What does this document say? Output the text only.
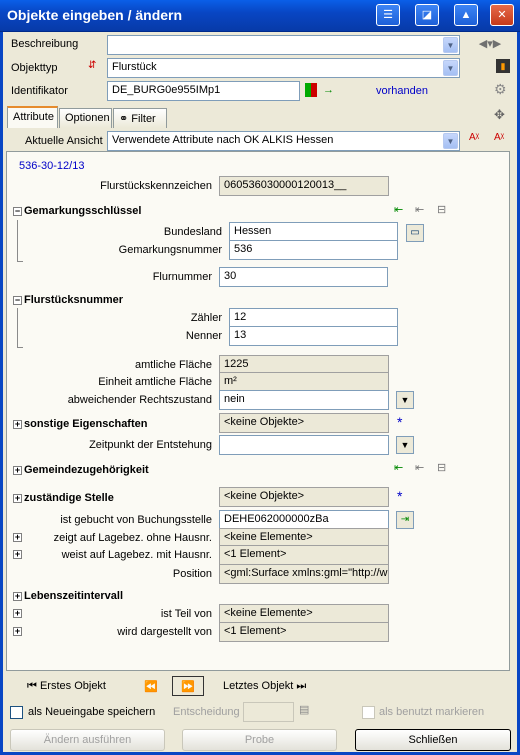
Objekte eingeben / ändern	☰	◪	▲	✕
Beschreibung	▼	◀▾▶
Objekttyp	⇵	Flurstück	▼	▮
Identifikator	DE_BURG0e955IMp1	→	vorhanden	⚙
Attribute	Optionen ⚭ Filter	✥
Aktuelle Ansicht Verwendete Attribute nach OK ALKIS Hessen	▼	Aᵡ Aᵡ
536-30-12/13
Flurstückskennzeichen	060536030000120013__
− Gemarkungsschlüssel	⇤ ⇤ ⊟
Bundesland	Hessen	▭
Gemarkungsnummer	536
Flurnummer	30
− Flurstücksnummer
Zähler	12
Nenner	13
amtliche Fläche	1225
Einheit amtliche Fläche	m²
abweichender Rechtszustand	nein	▼
+ sonstige Eigenschaften	<keine Objekte>	*
Zeitpunkt der Entstehung	▼
+ Gemeindezugehörigkeit	⇤ ⇤ ⊟
+ zuständige Stelle	<keine Objekte>	*
ist gebucht von Buchungsstelle	DEHE062000000zBa	⇥
+	zeigt auf Lagebez. ohne Hausnr.	<keine Elemente>
+	weist auf Lagebez. mit Hausnr.	<1 Element>
Position	<gml:Surface xmlns:gml="http://w
+ Lebenszeitintervall
+	ist Teil von	<keine Elemente>
+	wird dargestellt von	<1 Element>
⏮ Erstes Objekt	⏪	⏩	Letztes Objekt ⏭
als Neueingabe speichern Entscheidung	▤	als benutzt markieren
Ändern ausführen	Probe	Schließen
